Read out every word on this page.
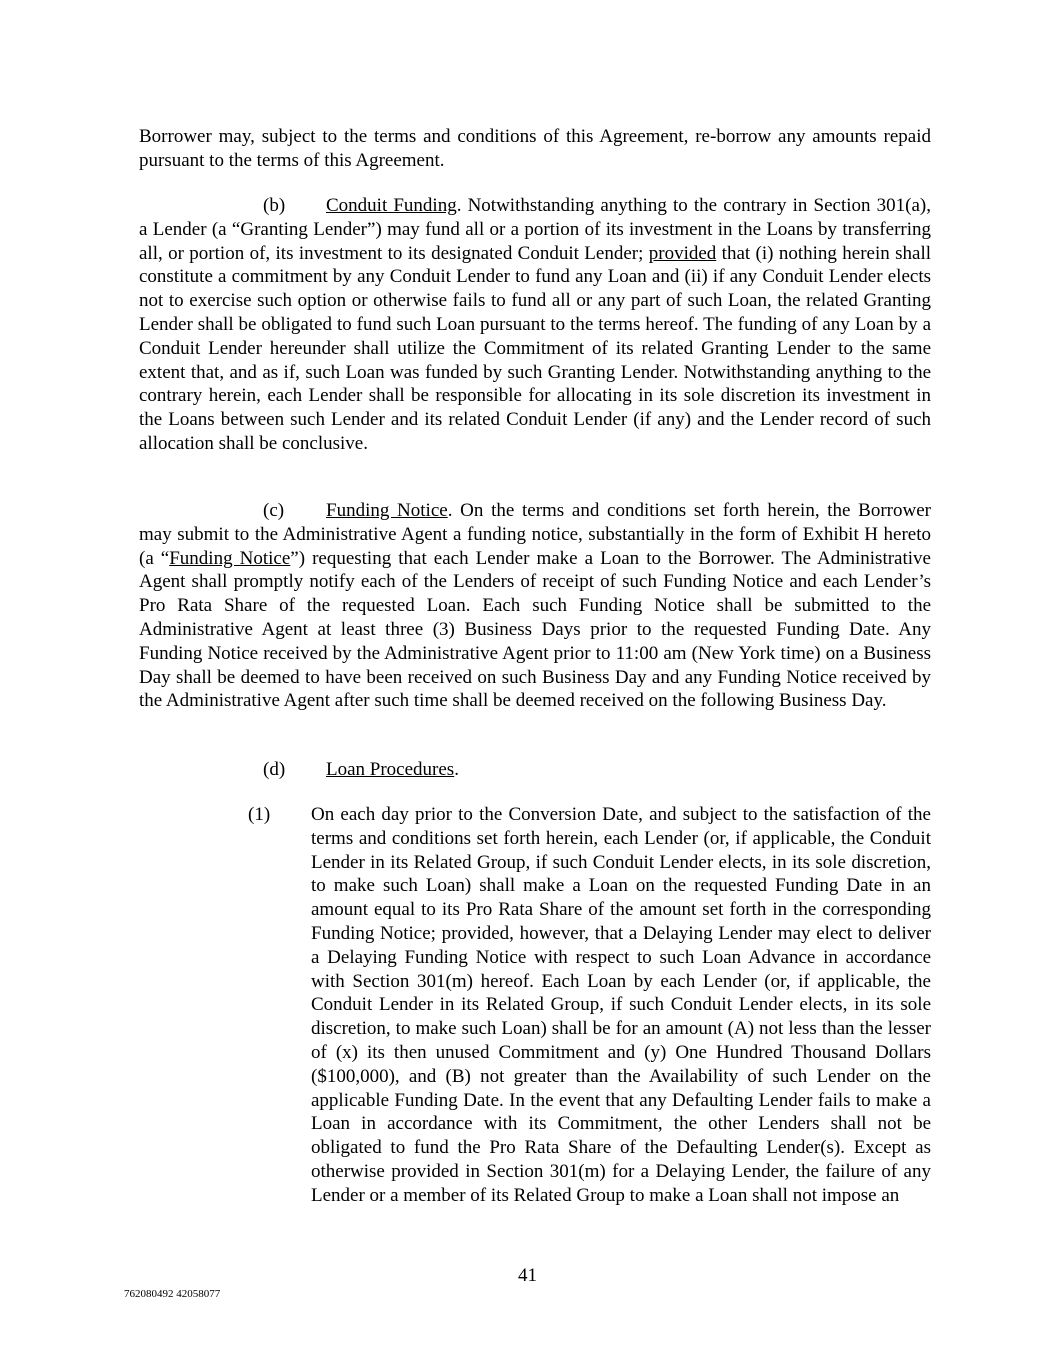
Borrower may, subject to the terms and conditions of this Agreement, re-borrow any amounts repaid pursuant to the terms of this Agreement.

(b) Conduit Funding. Notwithstanding anything to the contrary in Section 301(a), a Lender (a “Granting Lender”) may fund all or a portion of its investment in the Loans by transferring all, or portion of, its investment to its designated Conduit Lender; provided that (i) nothing herein shall constitute a commitment by any Conduit Lender to fund any Loan and (ii) if any Conduit Lender elects not to exercise such option or otherwise fails to fund all or any part of such Loan, the related Granting Lender shall be obligated to fund such Loan pursuant to the terms hereof. The funding of any Loan by a Conduit Lender hereunder shall utilize the Commitment of its related Granting Lender to the same extent that, and as if, such Loan was funded by such Granting Lender. Notwithstanding anything to the contrary herein, each Lender shall be responsible for allocating in its sole discretion its investment in the Loans between such Lender and its related Conduit Lender (if any) and the Lender record of such allocation shall be conclusive.

(c) Funding Notice. On the terms and conditions set forth herein, the Borrower may submit to the Administrative Agent a funding notice, substantially in the form of Exhibit H hereto (a “Funding Notice”) requesting that each Lender make a Loan to the Borrower. The Administrative Agent shall promptly notify each of the Lenders of receipt of such Funding Notice and each Lender’s Pro Rata Share of the requested Loan. Each such Funding Notice shall be submitted to the Administrative Agent at least three (3) Business Days prior to the requested Funding Date. Any Funding Notice received by the Administrative Agent prior to 11:00 am (New York time) on a Business Day shall be deemed to have been received on such Business Day and any Funding Notice received by the Administrative Agent after such time shall be deemed received on the following Business Day.

(d) Loan Procedures.

(1) On each day prior to the Conversion Date, and subject to the satisfaction of the terms and conditions set forth herein, each Lender (or, if applicable, the Conduit Lender in its Related Group, if such Conduit Lender elects, in its sole discretion, to make such Loan) shall make a Loan on the requested Funding Date in an amount equal to its Pro Rata Share of the amount set forth in the corresponding Funding Notice; provided, however, that a Delaying Lender may elect to deliver a Delaying Funding Notice with respect to such Loan Advance in accordance with Section 301(m) hereof. Each Loan by each Lender (or, if applicable, the Conduit Lender in its Related Group, if such Conduit Lender elects, in its sole discretion, to make such Loan) shall be for an amount (A) not less than the lesser of (x) its then unused Commitment and (y) One Hundred Thousand Dollars ($100,000), and (B) not greater than the Availability of such Lender on the applicable Funding Date. In the event that any Defaulting Lender fails to make a Loan in accordance with its Commitment, the other Lenders shall not be obligated to fund the Pro Rata Share of the Defaulting Lender(s). Except as otherwise provided in Section 301(m) for a Delaying Lender, the failure of any Lender or a member of its Related Group to make a Loan shall not impose an

41
762080492 42058077
